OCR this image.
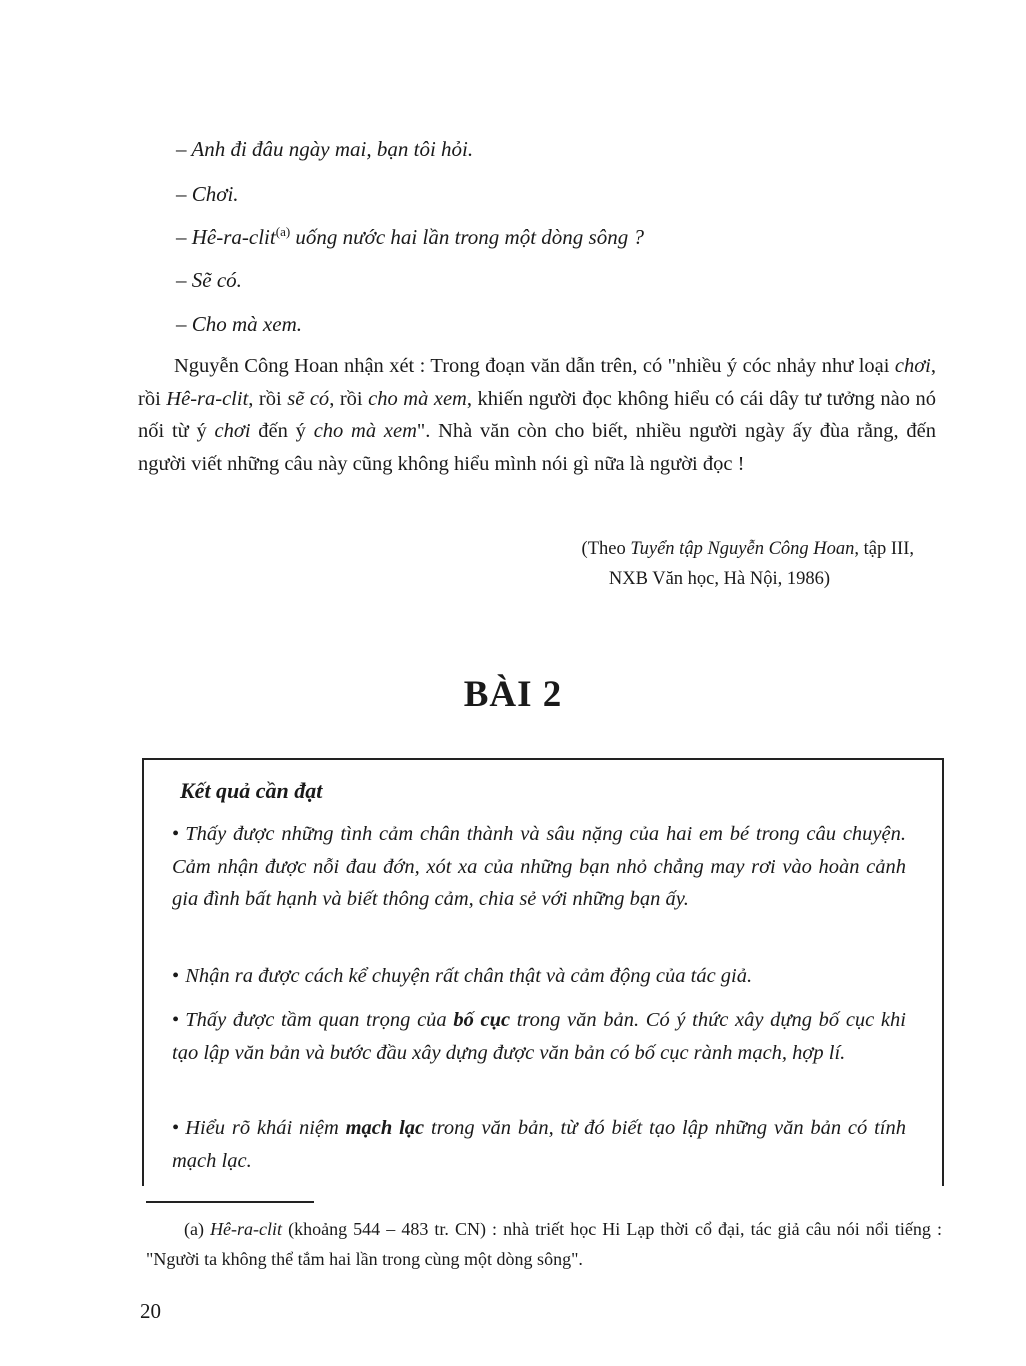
– Anh đi đâu ngày mai, bạn tôi hỏi.
– Chơi.
– Hê-ra-clit$^{(a)}$ uống nước hai lần trong một dòng sông ?
– Sẽ có.
– Cho mà xem.

Nguyễn Công Hoan nhận xét : Trong đoạn văn dẫn trên, có "nhiều ý cóc nhảy như loại chơi, rồi Hê-ra-clit, rồi sẽ có, rồi cho mà xem, khiến người đọc không hiểu có cái dây tư tưởng nào nó nối từ ý chơi đến ý cho mà xem". Nhà văn còn cho biết, nhiều người ngày ấy đùa rằng, đến người viết những câu này cũng không hiểu mình nói gì nữa là người đọc !

(Theo Tuyển tập Nguyễn Công Hoan, tập III,
NXB Văn học, Hà Nội, 1986)
BÀI 2
Kết quả cần đạt
• Thấy được những tình cảm chân thành và sâu nặng của hai em bé trong câu chuyện. Cảm nhận được nỗi đau đớn, xót xa của những bạn nhỏ chẳng may rơi vào hoàn cảnh gia đình bất hạnh và biết thông cảm, chia sẻ với những bạn ấy.
• Nhận ra được cách kể chuyện rất chân thật và cảm động của tác giả.
• Thấy được tầm quan trọng của bố cục trong văn bản. Có ý thức xây dựng bố cục khi tạo lập văn bản và bước đầu xây dựng được văn bản có bố cục rành mạch, hợp lí.
• Hiểu rõ khái niệm mạch lạc trong văn bản, từ đó biết tạo lập những văn bản có tính mạch lạc.
(a) Hê-ra-clit (khoảng 544 – 483 tr. CN) : nhà triết học Hi Lạp thời cổ đại, tác giả câu nói nổi tiếng : "Người ta không thể tắm hai lần trong cùng một dòng sông".
20
